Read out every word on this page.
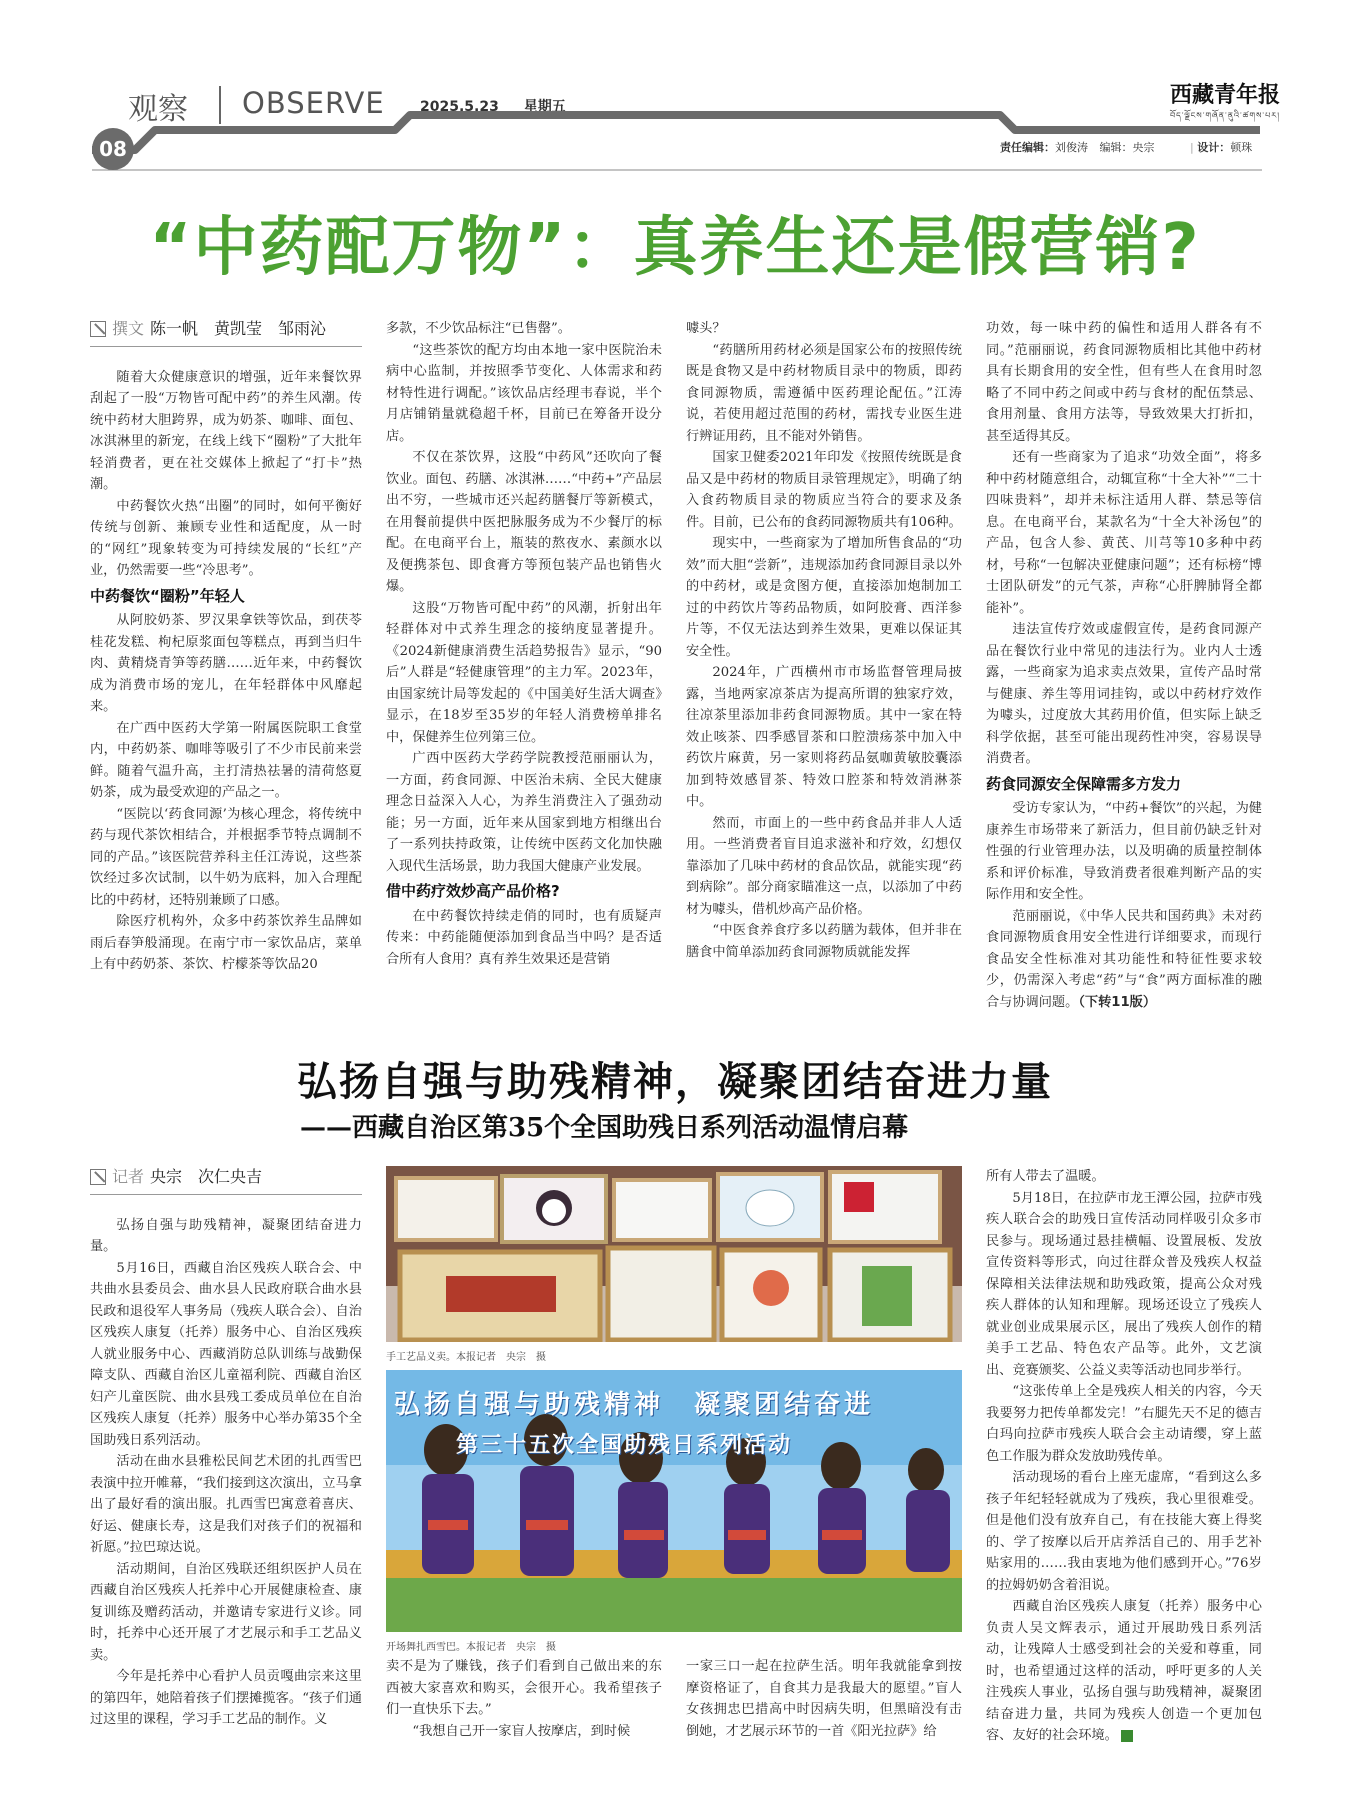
观察 OBSERVE	2025.5.23 星期五	西藏青年报
བོད་ལྗོངས་གཞོན་ནུའི་ཚགས་པར།
08	责任编辑：刘俊涛 编辑：央宗	| 设计：顿珠
“中药配万物”：真养生还是假营销?
撰文 陈一帆　黄凯莹　邹雨沁

随着大众健康意识的增强，近年来餐饮界刮起了一股“万物皆可配中药”的养生风潮。传统中药材大胆跨界，成为奶茶、咖啡、面包、冰淇淋里的新宠，在线上线下“圈粉”了大批年轻消费者，更在社交媒体上掀起了“打卡”热潮。

中药餐饮火热“出圈”的同时，如何平衡好传统与创新、兼顾专业性和适配度，从一时的“网红”现象转变为可持续发展的“长红”产业，仍然需要一些“冷思考”。

中药餐饮“圈粉”年轻人

从阿胶奶茶、罗汉果拿铁等饮品，到茯苓桂花发糕、枸杞原浆面包等糕点，再到当归牛肉、黄精烧青笋等药膳……近年来，中药餐饮成为消费市场的宠儿，在年轻群体中风靡起来。

在广西中医药大学第一附属医院职工食堂内，中药奶茶、咖啡等吸引了不少市民前来尝鲜。随着气温升高，主打清热祛暑的清荷悠夏奶茶，成为最受欢迎的产品之一。

“医院以‘药食同源’为核心理念，将传统中药与现代茶饮相结合，并根据季节特点调制不同的产品。”该医院营养科主任江涛说，这些茶饮经过多次试制，以牛奶为底料，加入合理配比的中药材，还特别兼顾了口感。

除医疗机构外，众多中药茶饮养生品牌如雨后春笋般涌现。在南宁市一家饮品店，菜单上有中药奶茶、茶饮、柠檬茶等饮品20

多款，不少饮品标注“已售罄”。

“这些茶饮的配方均由本地一家中医院治未病中心监制，并按照季节变化、人体需求和药材特性进行调配。”该饮品店经理韦春说，半个月店铺销量就稳超千杯，目前已在筹备开设分店。

不仅在茶饮界，这股“中药风”还吹向了餐饮业。面包、药膳、冰淇淋……“中药+”产品层出不穷，一些城市还兴起药膳餐厅等新模式，在用餐前提供中医把脉服务成为不少餐厅的标配。在电商平台上，瓶装的熬夜水、素颜水以及便携茶包、即食膏方等预包装产品也销售火爆。

这股“万物皆可配中药”的风潮，折射出年轻群体对中式养生理念的接纳度显著提升。《2024新健康消费生活趋势报告》显示，“90后”人群是“轻健康管理”的主力军。2023年，由国家统计局等发起的《中国美好生活大调查》显示，在18岁至35岁的年轻人消费榜单排名中，保健养生位列第三位。

广西中医药大学药学院教授范丽丽认为，一方面，药食同源、中医治未病、全民大健康理念日益深入人心，为养生消费注入了强劲动能；另一方面，近年来从国家到地方相继出台了一系列扶持政策，让传统中医药文化加快融入现代生活场景，助力我国大健康产业发展。

借中药疗效炒高产品价格?

在中药餐饮持续走俏的同时，也有质疑声传来：中药能随便添加到食品当中吗？是否适合所有人食用？真有养生效果还是营销

噱头？

“药膳所用药材必须是国家公布的按照传统既是食物又是中药材物质目录中的物质，即药食同源物质，需遵循中医药理论配伍。”江涛说，若使用超过范围的药材，需找专业医生进行辨证用药，且不能对外销售。

国家卫健委2021年印发《按照传统既是食品又是中药材的物质目录管理规定》，明确了纳入食药物质目录的物质应当符合的要求及条件。目前，已公布的食药同源物质共有106种。

现实中，一些商家为了增加所售食品的“功效”而大胆“尝新”，违规添加药食同源目录以外的中药材，或是贪图方便，直接添加炮制加工过的中药饮片等药品物质，如阿胶膏、西洋参片等，不仅无法达到养生效果，更难以保证其安全性。

2024年，广西横州市市场监督管理局披露，当地两家凉茶店为提高所谓的独家疗效，往凉茶里添加非药食同源物质。其中一家在特效止咳茶、四季感冒茶和口腔溃疡茶中加入中药饮片麻黄，另一家则将药品氨咖黄敏胶囊添加到特效感冒茶、特效口腔茶和特效消淋茶中。

然而，市面上的一些中药食品并非人人适用。一些消费者盲目追求滋补和疗效，幻想仅靠添加了几味中药材的食品饮品，就能实现“药到病除”。部分商家瞄准这一点，以添加了中药材为噱头，借机炒高产品价格。

“中医食养食疗多以药膳为载体，但并非在膳食中简单添加药食同源物质就能发挥

功效，每一味中药的偏性和适用人群各有不同。”范丽丽说，药食同源物质相比其他中药材具有长期食用的安全性，但有些人在食用时忽略了不同中药之间或中药与食材的配伍禁忌、食用剂量、食用方法等，导致效果大打折扣，甚至适得其反。

还有一些商家为了追求“功效全面”，将多种中药材随意组合，动辄宣称“十全大补”“二十四味贵料”，却并未标注适用人群、禁忌等信息。在电商平台，某款名为“十全大补汤包”的产品，包含人参、黄芪、川芎等10多种中药材，号称“一包解决亚健康问题”；还有标榜“博士团队研发”的元气茶，声称“心肝脾肺肾全都能补”。

违法宣传疗效或虚假宣传，是药食同源产品在餐饮行业中常见的违法行为。业内人士透露，一些商家为追求卖点效果，宣传产品时常与健康、养生等用词挂钩，或以中药材疗效作为噱头，过度放大其药用价值，但实际上缺乏科学依据，甚至可能出现药性冲突，容易误导消费者。

药食同源安全保障需多方发力

受访专家认为，“中药+餐饮”的兴起，为健康养生市场带来了新活力，但目前仍缺乏针对性强的行业管理办法，以及明确的质量控制体系和评价标准，导致消费者很难判断产品的实际作用和安全性。

范丽丽说，《中华人民共和国药典》未对药食同源物质食用安全性进行详细要求，而现行食品安全性标准对其功能性和特征性要求较少，仍需深入考虑“药”与“食”两方面标准的融合与协调问题。（下转11版）

弘扬自强与助残精神，凝聚团结奋进力量
——西藏自治区第35个全国助残日系列活动温情启幕
记者 央宗　次仁央吉

弘扬自强与助残精神，凝聚团结奋进力量。

5月16日，西藏自治区残疾人联合会、中共曲水县委员会、曲水县人民政府联合曲水县民政和退役军人事务局（残疾人联合会）、自治区残疾人康复（托养）服务中心、自治区残疾人就业服务中心、西藏消防总队训练与战勤保障支队、西藏自治区儿童福利院、西藏自治区妇产儿童医院、曲水县残工委成员单位在自治区残疾人康复（托养）服务中心举办第35个全国助残日系列活动。

活动在曲水县雅松民间艺术团的扎西雪巴表演中拉开帷幕，“我们接到这次演出，立马拿出了最好看的演出服。扎西雪巴寓意着喜庆、好运、健康长寿，这是我们对孩子们的祝福和祈愿。”拉巴琼达说。

活动期间，自治区残联还组织医护人员在西藏自治区残疾人托养中心开展健康检查、康复训练及赠药活动，并邀请专家进行义诊。同时，托养中心还开展了才艺展示和手工艺品义卖。

今年是托养中心看护人员贡嘎曲宗来这里的第四年，她陪着孩子们摆摊揽客。“孩子们通过这里的课程，学习手工艺品的制作。义

手工艺品义卖。本报记者　央宗　摄
弘扬自强与助残精神　凝聚团结奋进
第三十五次全国助残日系列活动
开场舞扎西雪巴。本报记者　央宗　摄

卖不是为了赚钱，孩子们看到自己做出来的东西被大家喜欢和购买，会很开心。我希望孩子们一直快乐下去。”

“我想自己开一家盲人按摩店，到时候

一家三口一起在拉萨生活。明年我就能拿到按摩资格证了，自食其力是我最大的愿望。”盲人女孩拥忠巴措高中时因病失明，但黑暗没有击倒她，才艺展示环节的一首《阳光拉萨》给

所有人带去了温暖。

5月18日，在拉萨市龙王潭公园，拉萨市残疾人联合会的助残日宣传活动同样吸引众多市民参与。现场通过悬挂横幅、设置展板、发放宣传资料等形式，向过往群众普及残疾人权益保障相关法律法规和助残政策，提高公众对残疾人群体的认知和理解。现场还设立了残疾人就业创业成果展示区，展出了残疾人创作的精美手工艺品、特色农产品等。此外，文艺演出、竞赛颁奖、公益义卖等活动也同步举行。

“这张传单上全是残疾人相关的内容，今天我要努力把传单都发完！”右腿先天不足的德吉白玛向拉萨市残疾人联合会主动请缨，穿上蓝色工作服为群众发放助残传单。

活动现场的看台上座无虚席，“看到这么多孩子年纪轻轻就成为了残疾，我心里很难受。但是他们没有放弃自己，有在技能大赛上得奖的、学了按摩以后开店养活自己的、用手艺补贴家用的……我由衷地为他们感到开心。”76岁的拉姆奶奶含着泪说。

西藏自治区残疾人康复（托养）服务中心负责人吴文辉表示，通过开展助残日系列活动，让残障人士感受到社会的关爱和尊重，同时，也希望通过这样的活动，呼吁更多的人关注残疾人事业，弘扬自强与助残精神，凝聚团结奋进力量，共同为残疾人创造一个更加包容、友好的社会环境。
